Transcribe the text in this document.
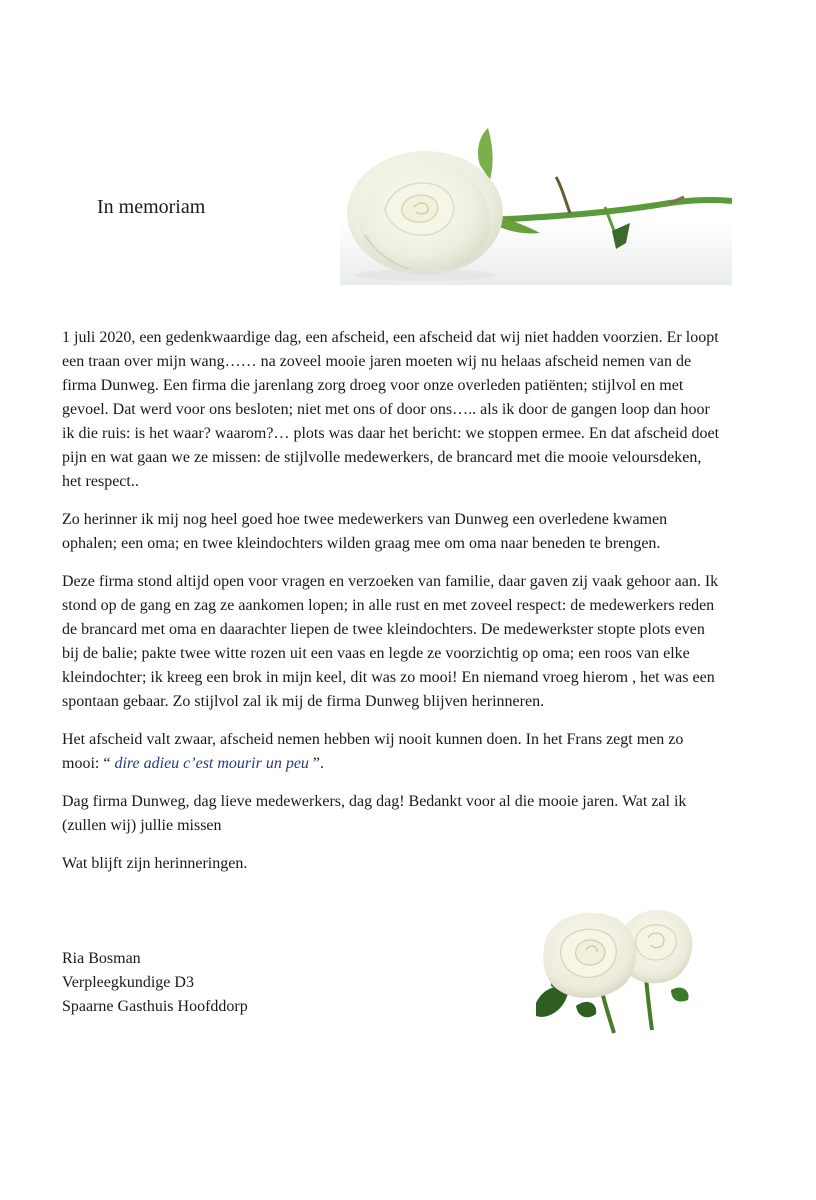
In memoriam

1 juli 2020, een gedenkwaardige dag, een afscheid, een afscheid dat wij niet hadden voorzien. Er loopt een traan over mijn wang…… na zoveel mooie jaren moeten wij nu helaas afscheid nemen van de firma Dunweg. Een firma die jarenlang zorg droeg voor onze overleden patiënten; stijlvol en met gevoel. Dat werd voor ons besloten; niet met ons of door ons….. als ik door de gangen loop dan hoor ik die ruis: is het waar? waarom?… plots was daar het bericht: we stoppen ermee. En dat afscheid doet pijn en wat gaan we ze missen: de stijlvolle medewerkers, de brancard met die mooie veloursdeken, het respect..

Zo herinner ik mij nog heel goed hoe twee medewerkers van Dunweg een overledene kwamen ophalen; een oma; en twee kleindochters wilden graag mee om oma naar beneden te brengen.

Deze firma stond altijd open voor vragen en verzoeken van familie, daar gaven zij vaak gehoor aan. Ik stond op de gang en zag ze aankomen lopen; in alle rust en met zoveel respect: de medewerkers reden de brancard met oma en daarachter liepen de twee kleindochters. De medewerkster stopte plots even bij de balie; pakte twee witte rozen uit een vaas en legde ze voorzichtig op oma; een roos van elke kleindochter; ik kreeg een brok in mijn keel, dit was zo mooi! En niemand vroeg hierom , het was een spontaan gebaar. Zo stijlvol zal ik mij de firma Dunweg blijven herinneren.

Het afscheid valt zwaar, afscheid nemen hebben wij nooit kunnen doen. In het Frans zegt men zo mooi: “ dire adieu c’est mourir un peu ”.

Dag firma Dunweg, dag lieve medewerkers, dag dag! Bedankt voor al die mooie jaren. Wat zal ik (zullen wij) jullie missen

Wat blijft zijn herinneringen.

Ria Bosman
Verpleegkundige D3
Spaarne Gasthuis Hoofddorp
